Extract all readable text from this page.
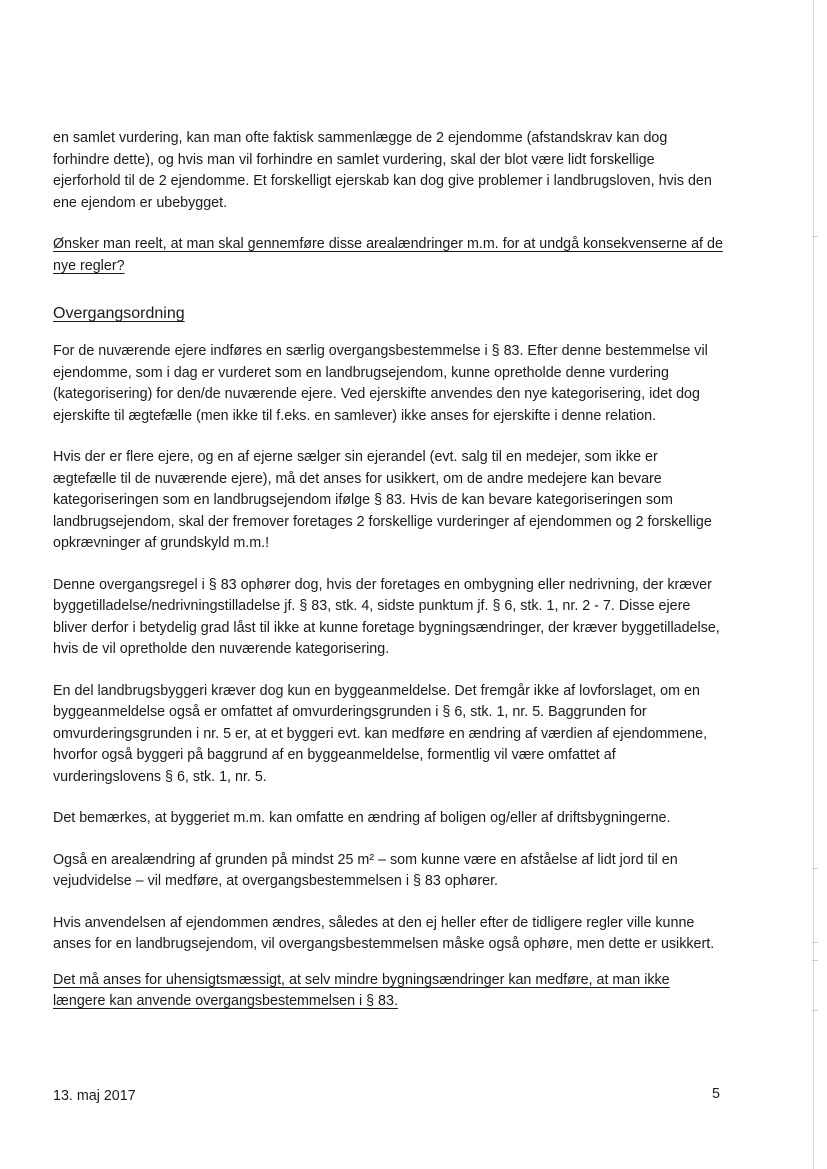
en samlet vurdering, kan man ofte faktisk sammenlægge de 2 ejendomme (afstandskrav kan dog forhindre dette), og hvis man vil forhindre en samlet vurdering, skal der blot være lidt forskellige ejerforhold til de 2 ejendomme. Et forskelligt ejerskab kan dog give problemer i landbrugsloven, hvis den ene ejendom er ubebygget.

Ønsker man reelt, at man skal gennemføre disse arealændringer m.m. for at undgå konsekvenserne af de nye regler?

Overgangsordning

For de nuværende ejere indføres en særlig overgangsbestemmelse i § 83. Efter denne bestemmelse vil ejendomme, som i dag er vurderet som en landbrugsejendom, kunne opretholde denne vurdering (kategorisering) for den/de nuværende ejere. Ved ejerskifte anvendes den nye kategorisering, idet dog ejerskifte til ægtefælle (men ikke til f.eks. en samlever) ikke anses for ejerskifte i denne relation.

Hvis der er flere ejere, og en af ejerne sælger sin ejerandel (evt. salg til en medejer, som ikke er ægtefælle til de nuværende ejere), må det anses for usikkert, om de andre medejere kan bevare kategoriseringen som en landbrugsejendom ifølge § 83. Hvis de kan bevare kategoriseringen som landbrugsejendom, skal der fremover foretages 2 forskellige vurderinger af ejendommen og 2 forskellige opkrævninger af grundskyld m.m.!

Denne overgangsregel i § 83 ophører dog, hvis der foretages en ombygning eller nedrivning, der kræver byggetilladelse/nedrivningstilladelse jf. § 83, stk. 4, sidste punktum jf. § 6, stk. 1, nr. 2 - 7. Disse ejere bliver derfor i betydelig grad låst til ikke at kunne foretage bygningsændringer, der kræver byggetilladelse, hvis de vil opretholde den nuværende kategorisering.

En del landbrugsbyggeri kræver dog kun en byggeanmeldelse. Det fremgår ikke af lovforslaget, om en byggeanmeldelse også er omfattet af omvurderingsgrunden i § 6, stk. 1, nr. 5. Baggrunden for omvurderingsgrunden i nr. 5 er, at et byggeri evt. kan medføre en ændring af værdien af ejendommene, hvorfor også byggeri på baggrund af en byggeanmeldelse, formentlig vil være omfattet af vurderingslovens § 6, stk. 1, nr. 5.

Det bemærkes, at byggeriet m.m. kan omfatte en ændring af boligen og/eller af driftsbygningerne.

Også en arealændring af grunden på mindst 25 m² – som kunne være en afståelse af lidt jord til en vejudvidelse – vil medføre, at overgangsbestemmelsen i § 83 ophører.

Hvis anvendelsen af ejendommen ændres, således at den ej heller efter de tidligere regler ville kunne anses for en landbrugsejendom, vil overgangsbestemmelsen måske også ophøre, men dette er usikkert.

Det må anses for uhensigtsmæssigt, at selv mindre bygningsændringer kan medføre, at man ikke længere kan anvende overgangsbestemmelsen i § 83.

13. maj 2017	5
